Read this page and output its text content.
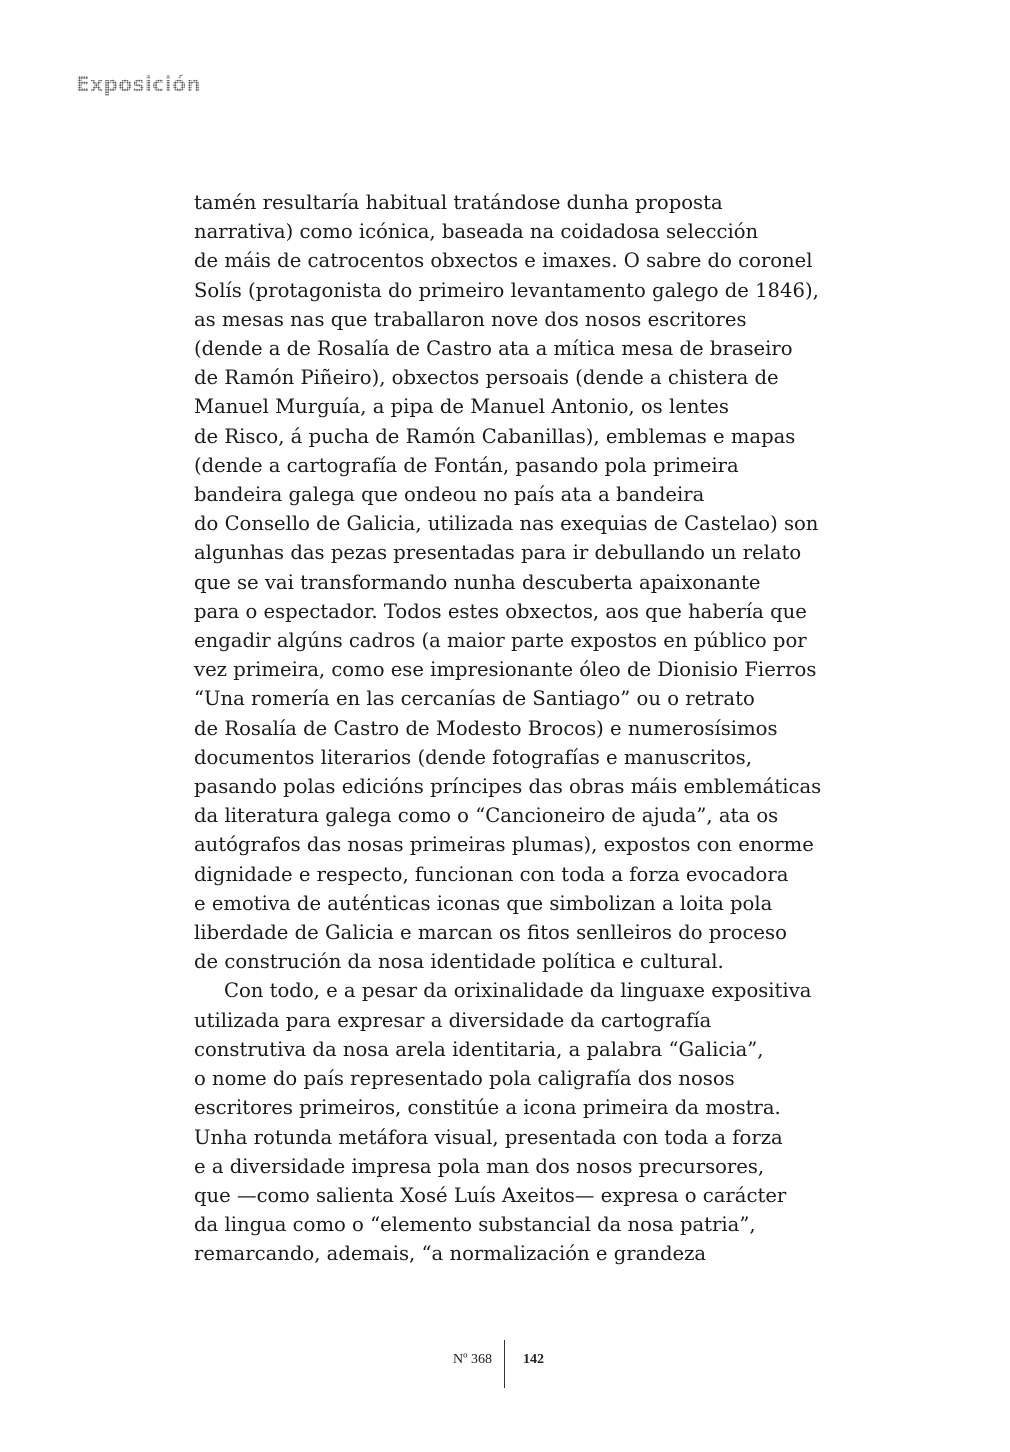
Exposición
tamén resultaría habitual tratándose dunha proposta
narrativa) como icónica, baseada na coidadosa selección
de máis de catrocentos obxectos e imaxes. O sabre do coronel
Solís (protagonista do primeiro levantamento galego de 1846),
as mesas nas que traballaron nove dos nosos escritores
(dende a de Rosalía de Castro ata a mítica mesa de braseiro
de Ramón Piñeiro), obxectos persoais (dende a chistera de
Manuel Murguía, a pipa de Manuel Antonio, os lentes
de Risco, á pucha de Ramón Cabanillas), emblemas e mapas
(dende a cartografía de Fontán, pasando pola primeira
bandeira galega que ondeou no país ata a bandeira
do Consello de Galicia, utilizada nas exequias de Castelao) son
algunhas das pezas presentadas para ir debullando un relato
que se vai transformando nunha descuberta apaixonante
para o espectador. Todos estes obxectos, aos que habería que
engadir algúns cadros (a maior parte expostos en público por
vez primeira, como ese impresionante óleo de Dionisio Fierros
“Una romería en las cercanías de Santiago” ou o retrato
de Rosalía de Castro de Modesto Brocos) e numerosísimos
documentos literarios (dende fotografías e manuscritos,
pasando polas edicións príncipes das obras máis emblemáticas
da literatura galega como o “Cancioneiro de ajuda”, ata os
autógrafos das nosas primeiras plumas), expostos con enorme
dignidade e respecto, funcionan con toda a forza evocadora
e emotiva de auténticas iconas que simbolizan a loita pola
liberdade de Galicia e marcan os fitos senlleiros do proceso
de construción da nosa identidade política e cultural.
Con todo, e a pesar da orixinalidade da linguaxe expositiva
utilizada para expresar a diversidade da cartografía
construtiva da nosa arela identitaria, a palabra “Galicia”,
o nome do país representado pola caligrafía dos nosos
escritores primeiros, constitúe a icona primeira da mostra.
Unha rotunda metáfora visual, presentada con toda a forza
e a diversidade impresa pola man dos nosos precursores,
que —como salienta Xosé Luís Axeitos— expresa o carácter
da lingua como o “elemento substancial da nosa patria”,
remarcando, ademais, “a normalización e grandeza
Nº 368 142
